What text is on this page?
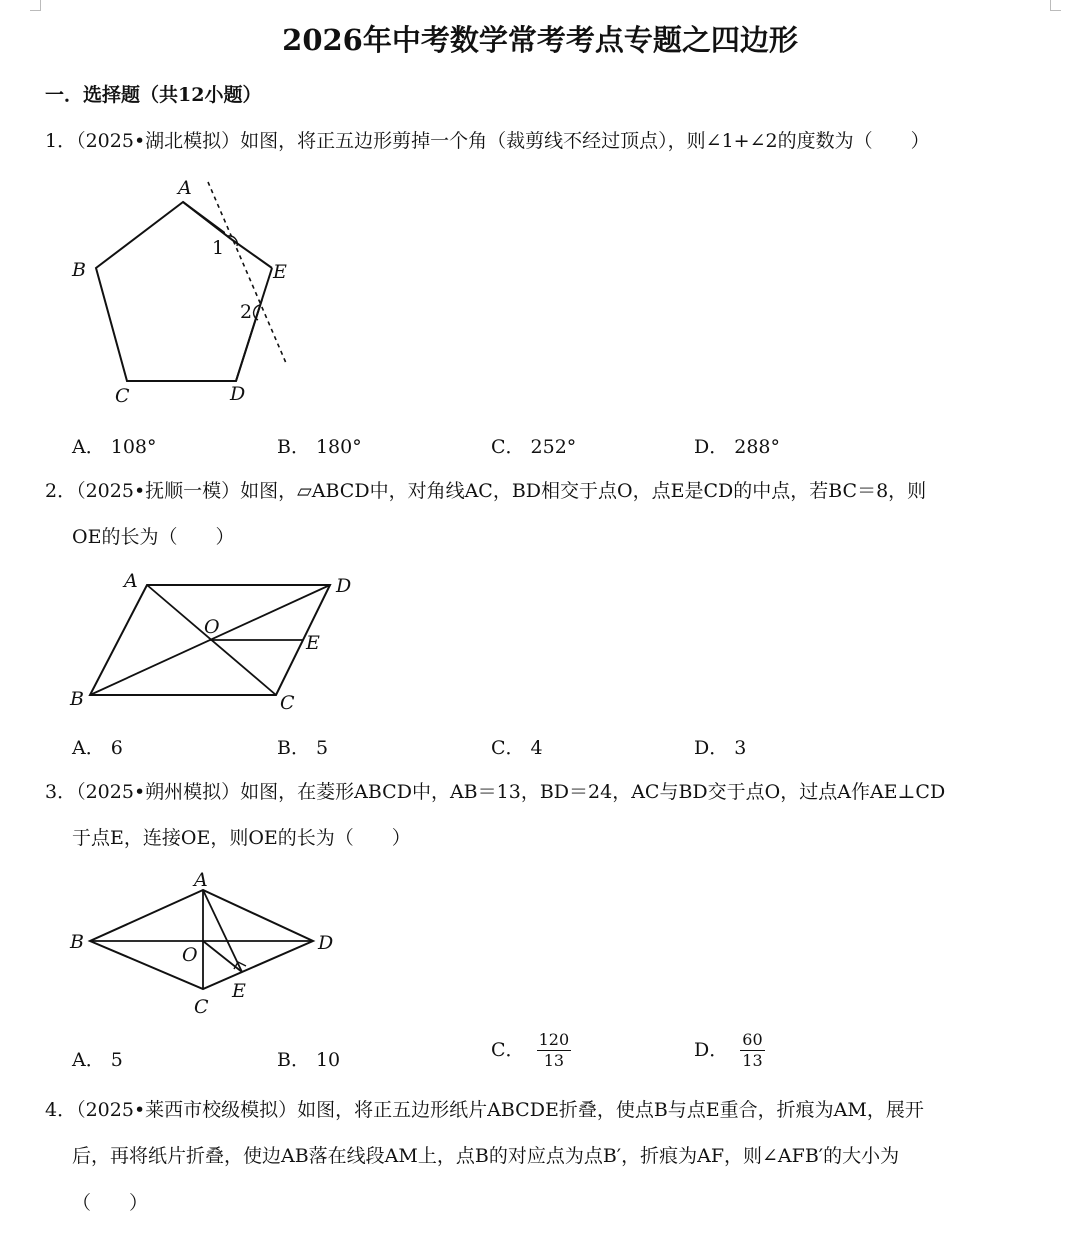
2026年中考数学常考考点专题之四边形
一．选择题（共12小题）
1．（2025•湖北模拟）如图，将正五边形剪掉一个角（裁剪线不经过顶点），则∠1+∠2的度数为（　　）
A
B
C	D
E
1
2
A． 108°	B． 180°	C． 252°	D． 288°
2．（2025•抚顺一模）如图，▱ABCD中，对角线AC，BD相交于点O，点E是CD的中点，若BC＝8，则
OE的长为（　　）
A
B	C
D
O
E
A． 6	B． 5	C． 4	D． 3
3．（2025•朔州模拟）如图，在菱形ABCD中，AB＝13，BD＝24，AC与BD交于点O，过点A作AE⊥CD
于点E，连接OE，则OE的长为（　　）
A
B
C
D
O
E
A． 5	B． 10	C． $\frac{120}{13}$	D． $\frac{60}{13}$
4．（2025•莱西市校级模拟）如图，将正五边形纸片ABCDE折叠，使点B与点E重合，折痕为AM，展开
后，再将纸片折叠，使边AB落在线段AM上，点B的对应点为点B′，折痕为AF，则∠AFB′的大小为
（　　）
